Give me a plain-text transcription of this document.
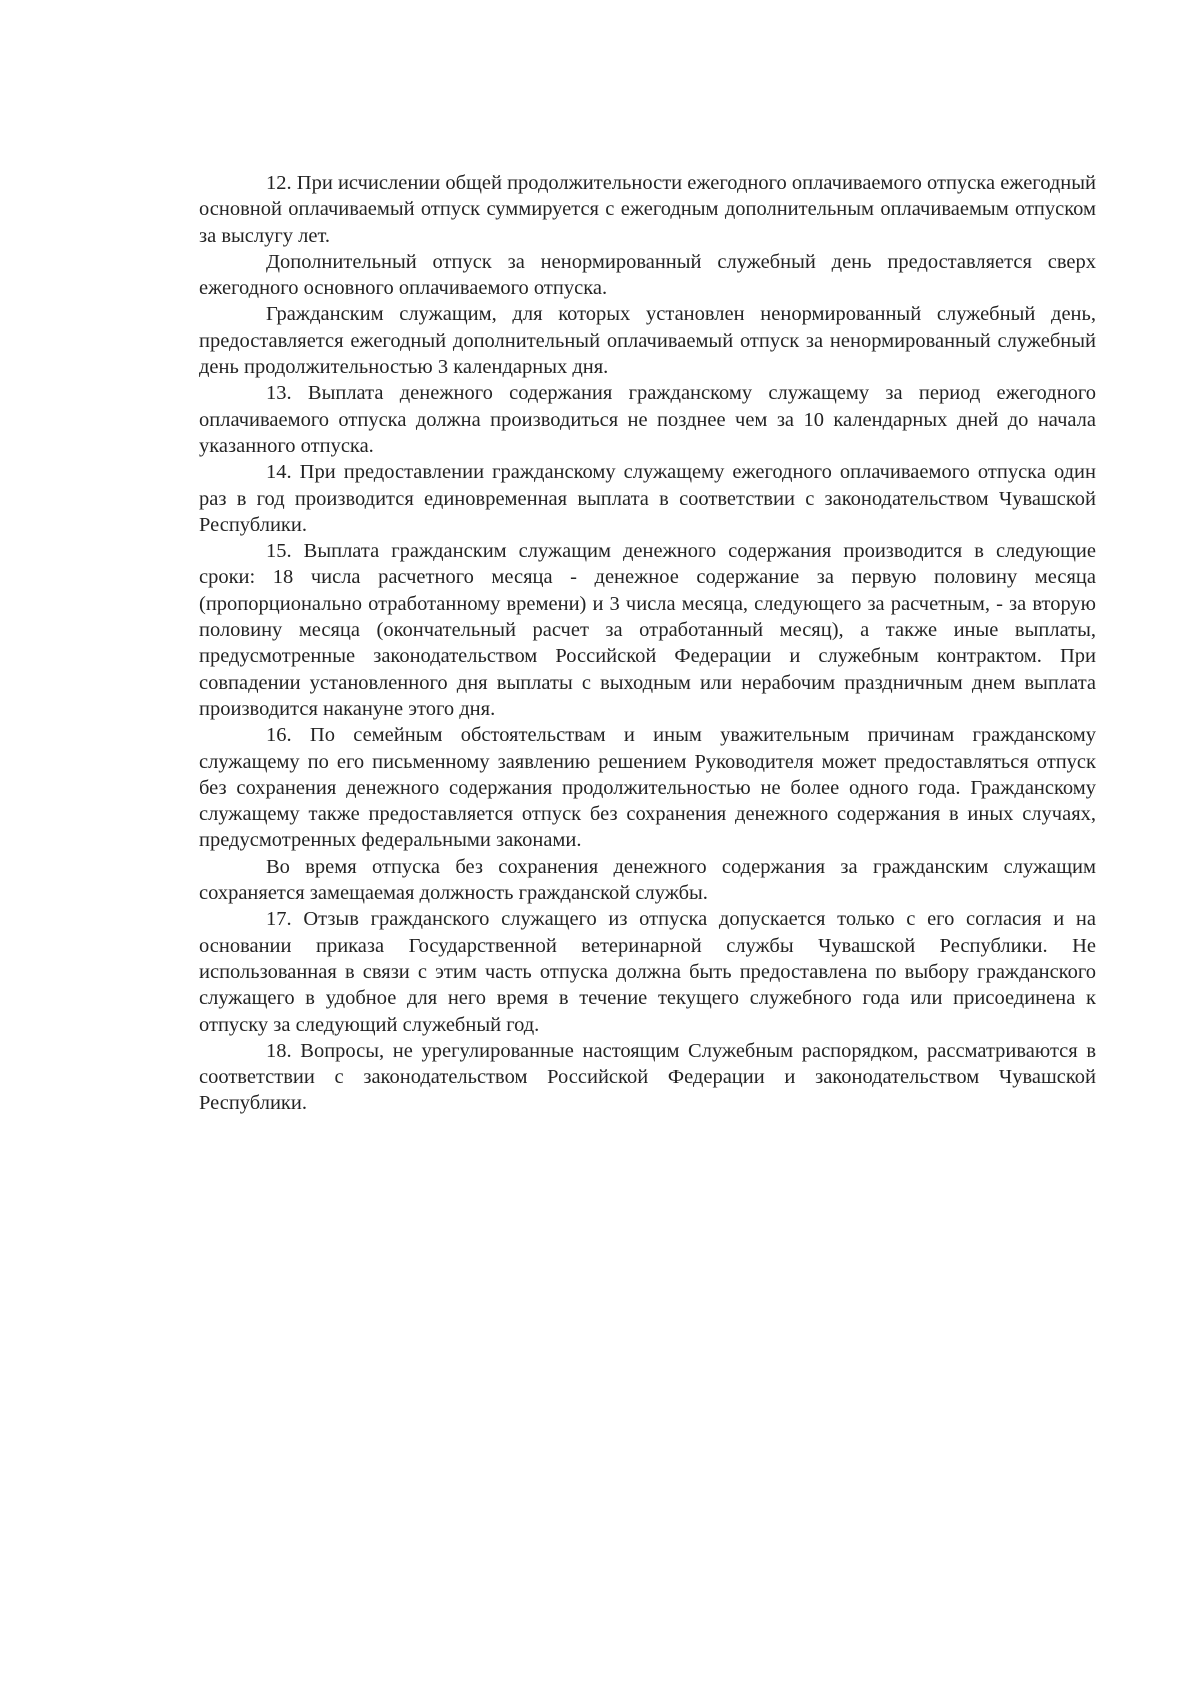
12. При исчислении общей продолжительности ежегодного оплачиваемого отпуска ежегодный основной оплачиваемый отпуск суммируется с ежегодным дополнительным оплачиваемым отпуском за выслугу лет.

Дополнительный отпуск за ненормированный служебный день предоставляется сверх ежегодного основного оплачиваемого отпуска.

Гражданским служащим, для которых установлен ненормированный служебный день, предоставляется ежегодный дополнительный оплачиваемый отпуск за ненормированный служебный день продолжительностью 3 календарных дня.

13. Выплата денежного содержания гражданскому служащему за период ежегодного оплачиваемого отпуска должна производиться не позднее чем за 10 календарных дней до начала указанного отпуска.

14. При предоставлении гражданскому служащему ежегодного оплачиваемого отпуска один раз в год производится единовременная выплата в соответствии с законодательством Чувашской Республики.

15. Выплата гражданским служащим денежного содержания производится в следующие сроки: 18 числа расчетного месяца - денежное содержание за первую половину месяца (пропорционально отработанному времени) и 3 числа месяца, следующего за расчетным, - за вторую половину месяца (окончательный расчет за отработанный месяц), а также иные выплаты, предусмотренные законодательством Российской Федерации и служебным контрактом. При совпадении установленного дня выплаты с выходным или нерабочим праздничным днем выплата производится накануне этого дня.

16. По семейным обстоятельствам и иным уважительным причинам гражданскому служащему по его письменному заявлению решением Руководителя может предоставляться отпуск без сохранения денежного содержания продолжительностью не более одного года. Гражданскому служащему также предоставляется отпуск без сохранения денежного содержания в иных случаях, предусмотренных федеральными законами.

Во время отпуска без сохранения денежного содержания за гражданским служащим сохраняется замещаемая должность гражданской службы.

17. Отзыв гражданского служащего из отпуска допускается только с его согласия и на основании приказа Государственной ветеринарной службы Чувашской Республики. Не использованная в связи с этим часть отпуска должна быть предоставлена по выбору гражданского служащего в удобное для него время в течение текущего служебного года или присоединена к отпуску за следующий служебный год.

18. Вопросы, не урегулированные настоящим Служебным распорядком, рассматриваются в соответствии с законодательством Российской Федерации и законодательством Чувашской Республики.
